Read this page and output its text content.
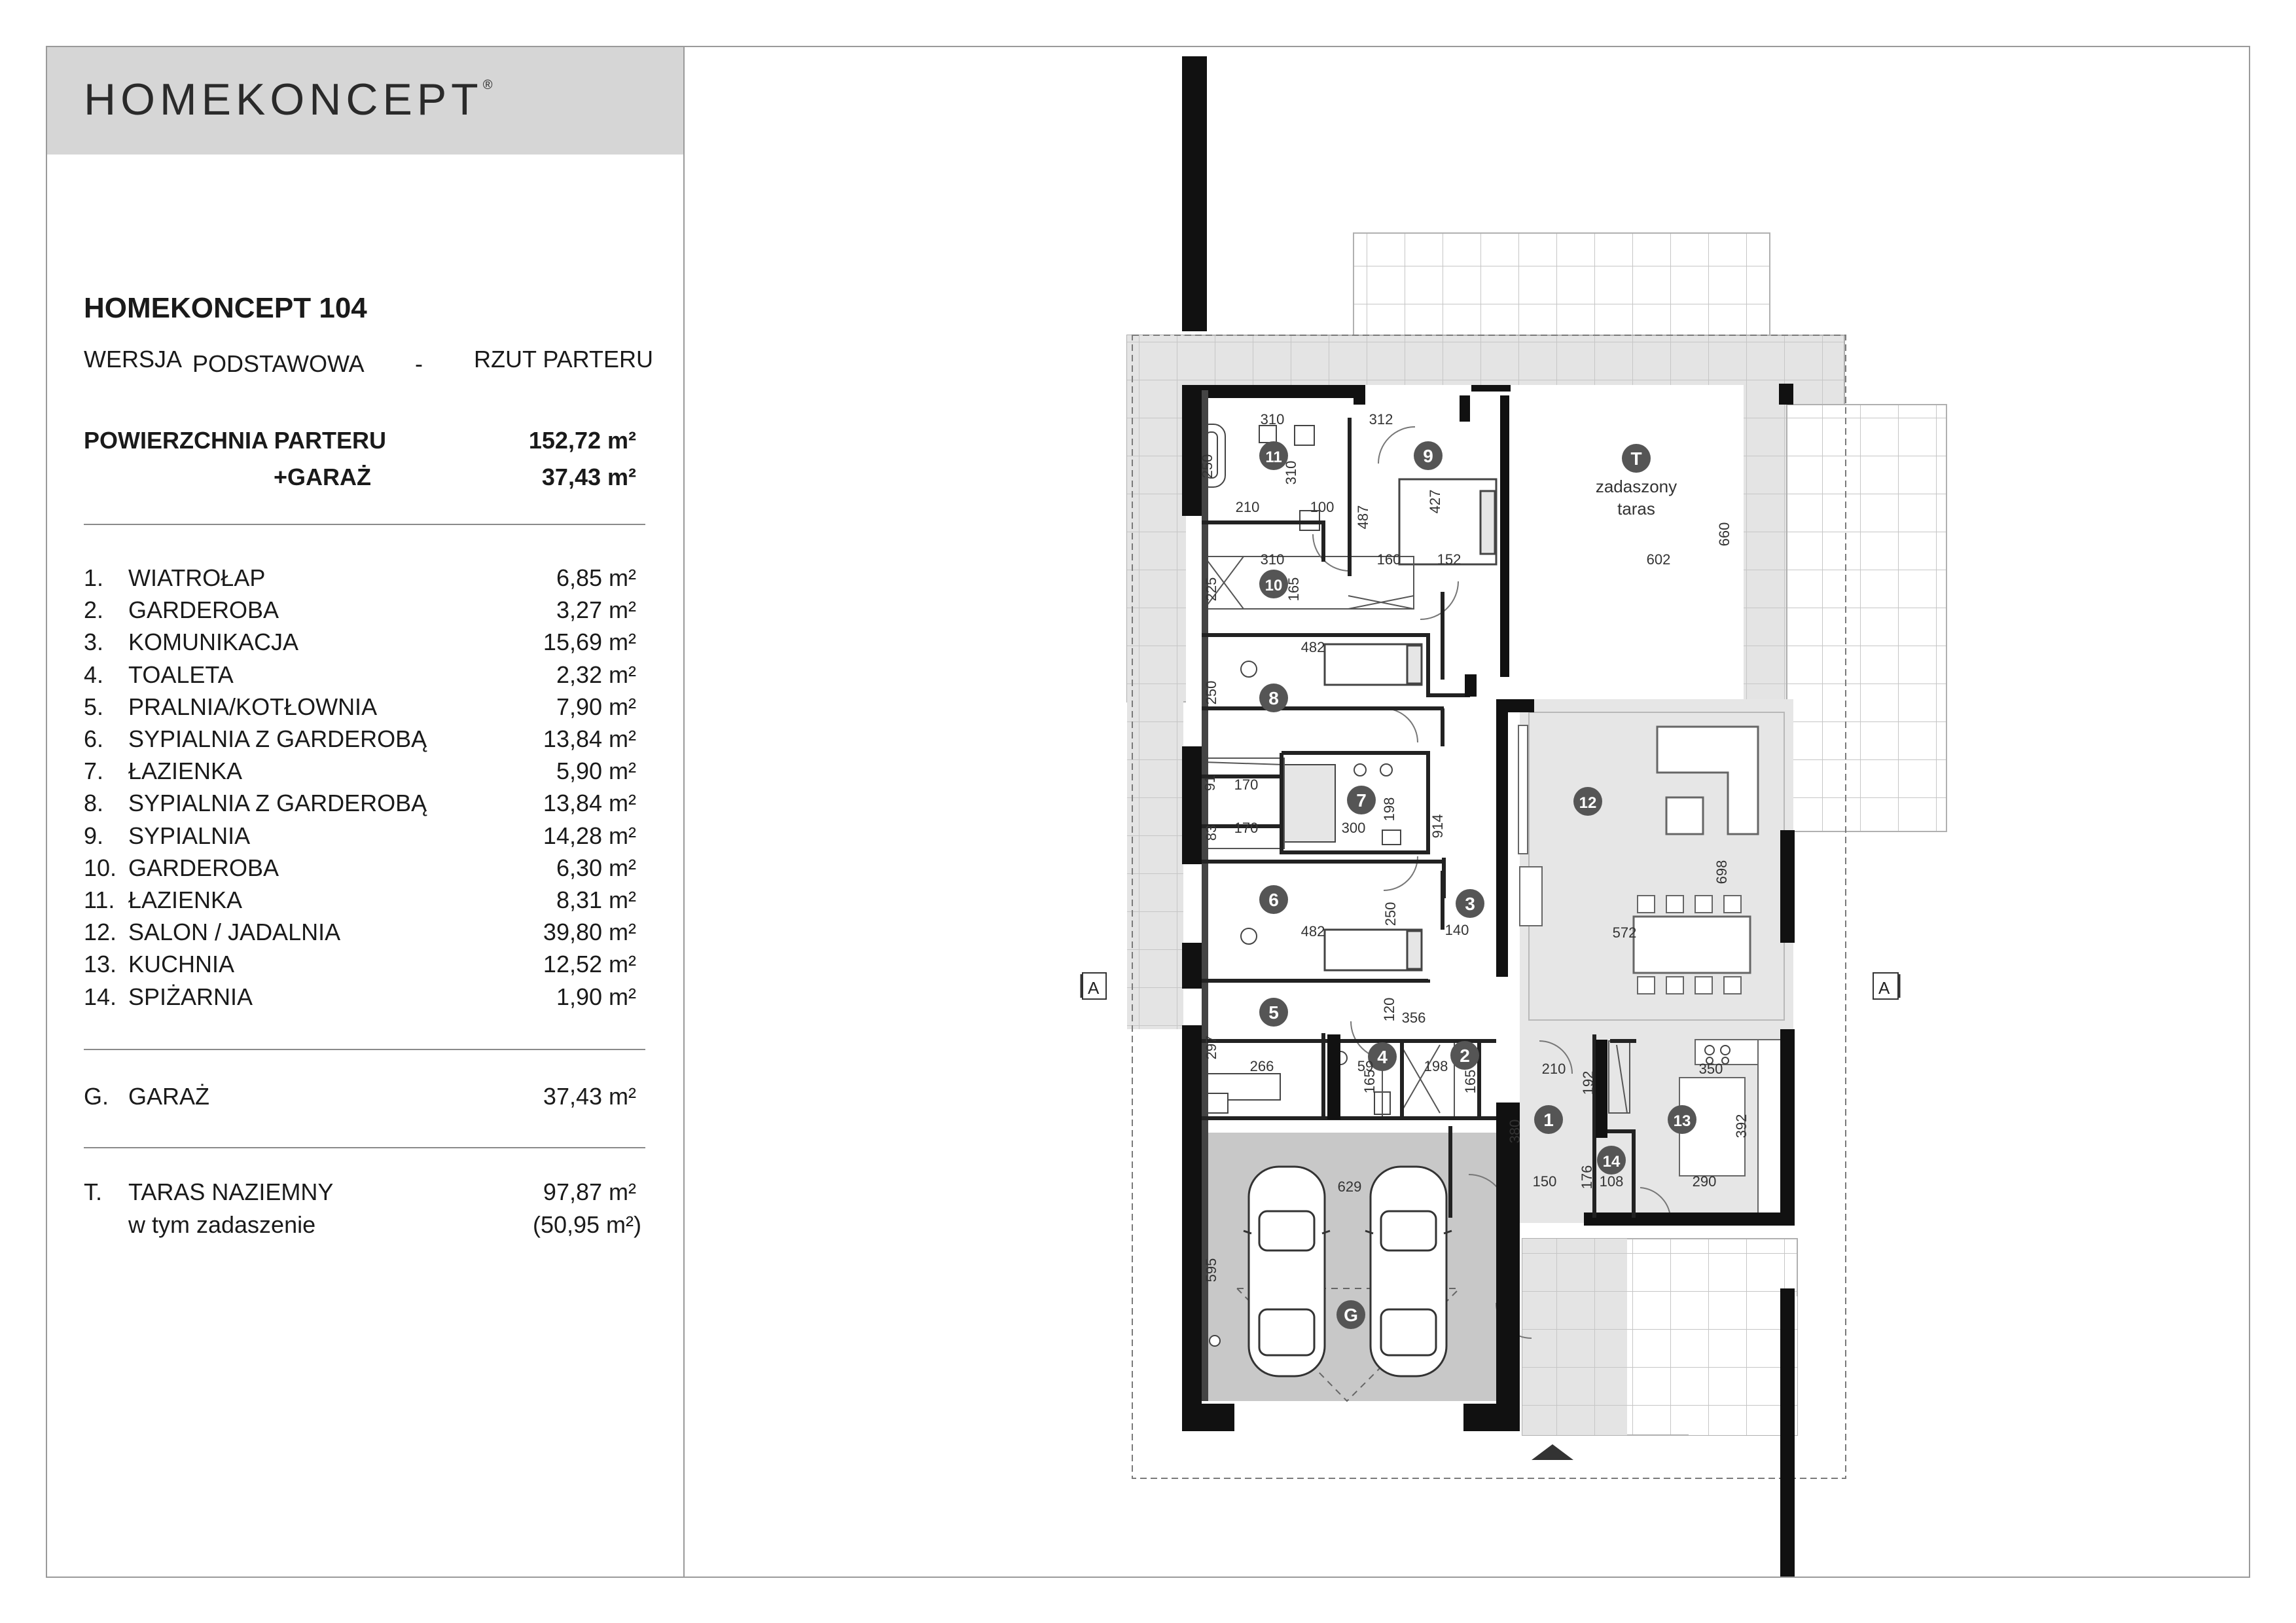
HOMEKONCEPT®
HOMEKONCEPT 104
WERSJA PODSTAWOWA - RZUT PARTERU
POWIERZCHNIA PARTERU	152,72 m²
+GARAŻ	37,43 m²
1. WIATROŁAP	6,85 m²
2. GARDEROBA	3,27 m²
3. KOMUNIKACJA	15,69 m²
4. TOALETA	2,32 m²
5. PRALNIA/KOTŁOWNIA	7,90 m²
6. SYPIALNIA Z GARDEROBĄ	13,84 m²
7. ŁAZIENKA	5,90 m²
8. SYPIALNIA Z GARDEROBĄ	13,84 m²
9. SYPIALNIA	14,28 m²
10. GARDEROBA	6,30 m²
11. ŁAZIENKA	8,31 m²
12. SALON / JADALNIA	39,80 m²
13. KUCHNIA	12,52 m²
14. SPIŻARNIA	1,90 m²
G. GARAŻ	37,43 m²
T. TARAS NAZIEMNY	97,87 m²
w tym zadaszenie	(50,95 m²)
A	A
zadaszony
taras
1
2
3
4
5
6
7
8
9
10
11
12
13
14
G
T
310	312
250	310
210	100 487
427
660
602
310	160	152
225	165
482
250
91 170
83 170	300
198
914
698
482
250
140	572
120 356
297
266	59
165
198
165
210
192
350
380	392
176 108
150	290
629
595
